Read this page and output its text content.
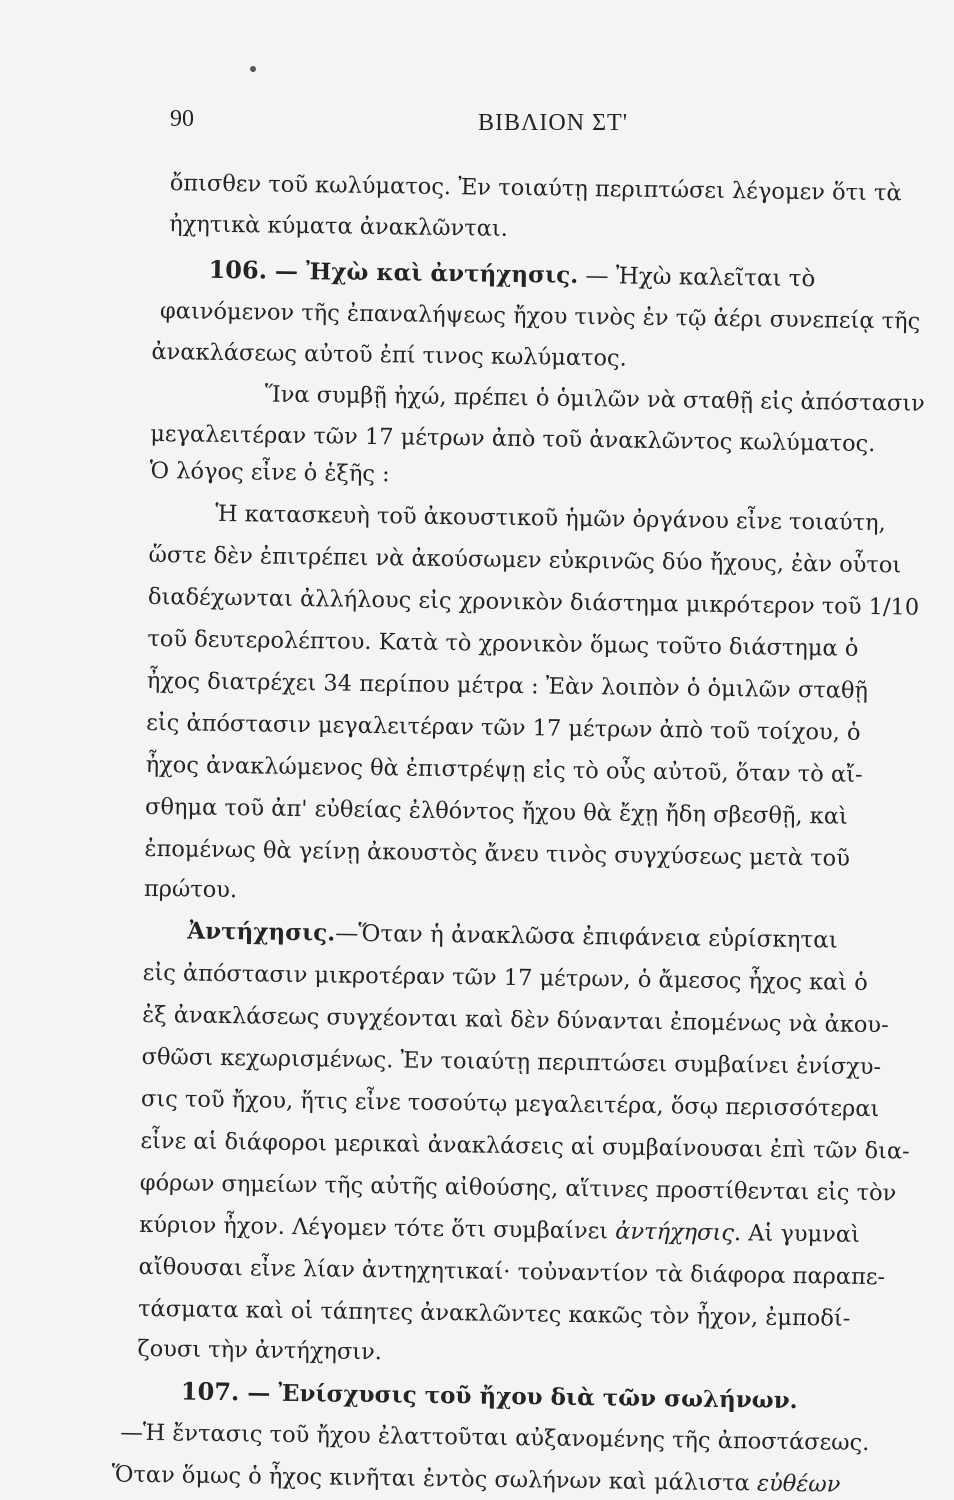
90	ΒΙΒΛΙΟΝ ΣΤ'
ὄπισθεν τοῦ κωλύματος. Ἐν τοιαύτῃ περιπτώσει λέγομεν ὅτι τὰ
ἠχητικὰ κύματα ἀνακλῶνται.
106. — Ἠχὼ καὶ ἀντήχησις. — Ἠχὼ καλεῖται τὸ
φαινόμενον τῆς ἐπαναλήψεως ἤχου τινὸς ἐν τῷ ἀέρι συνεπείᾳ τῆς
ἀνακλάσεως αὐτοῦ ἐπί τινος κωλύματος.
Ἵνα συμβῇ ἠχώ, πρέπει ὁ ὁμιλῶν νὰ σταθῇ εἰς ἀπόστασιν
μεγαλειτέραν τῶν 17 μέτρων ἀπὸ τοῦ ἀνακλῶντος κωλύματος.
Ὁ λόγος εἶνε ὁ ἑξῆς :
Ἡ κατασκευὴ τοῦ ἀκουστικοῦ ἡμῶν ὀργάνου εἶνε τοιαύτη,
ὥστε δὲν ἐπιτρέπει νὰ ἀκούσωμεν εὐκρινῶς δύο ἤχους, ἐὰν οὗτοι
διαδέχωνται ἀλλήλους εἰς χρονικὸν διάστημα μικρότερον τοῦ 1/10
τοῦ δευτερολέπτου. Κατὰ τὸ χρονικὸν ὅμως τοῦτο διάστημα ὁ
ἦχος διατρέχει 34 περίπου μέτρα : Ἐὰν λοιπὸν ὁ ὁμιλῶν σταθῇ
εἰς ἀπόστασιν μεγαλειτέραν τῶν 17 μέτρων ἀπὸ τοῦ τοίχου, ὁ
ἦχος ἀνακλώμενος θὰ ἐπιστρέψῃ εἰς τὸ οὖς αὐτοῦ, ὅταν τὸ αἴ-
σθημα τοῦ ἀπ' εὐθείας ἐλθόντος ἤχου θὰ ἔχῃ ἤδη σβεσθῇ, καὶ
ἐπομένως θὰ γείνῃ ἀκουστὸς ἄνευ τινὸς συγχύσεως μετὰ τοῦ
πρώτου.
Ἀντήχησις.—Ὅταν ἡ ἀνακλῶσα ἐπιφάνεια εὑρίσκηται
εἰς ἀπόστασιν μικροτέραν τῶν 17 μέτρων, ὁ ἄμεσος ἦχος καὶ ὁ
ἐξ ἀνακλάσεως συγχέονται καὶ δὲν δύνανται ἐπομένως νὰ ἀκου-
σθῶσι κεχωρισμένως. Ἐν τοιαύτῃ περιπτώσει συμβαίνει ἐνίσχυ-
σις τοῦ ἤχου, ἥτις εἶνε τοσούτῳ μεγαλειτέρα, ὅσῳ περισσότεραι
εἶνε αἱ διάφοροι μερικαὶ ἀνακλάσεις αἱ συμβαίνουσαι ἐπὶ τῶν δια-
φόρων σημείων τῆς αὐτῆς αἰθούσης, αἵτινες προστίθενται εἰς τὸν
κύριον ἦχον. Λέγομεν τότε ὅτι συμβαίνει ἀντήχησις. Αἱ γυμναὶ
αἴθουσαι εἶνε λίαν ἀντηχητικαί· τοὐναντίον τὰ διάφορα παραπε-
τάσματα καὶ οἱ τάπητες ἀνακλῶντες κακῶς τὸν ἦχον, ἐμποδί-
ζουσι τὴν ἀντήχησιν.
107. — Ἐνίσχυσις τοῦ ἤχου διὰ τῶν σωλήνων.
—Ἡ ἔντασις τοῦ ἤχου ἐλαττοῦται αὐξανομένης τῆς ἀποστάσεως.
Ὅταν ὅμως ὁ ἦχος κινῆται ἐντὸς σωλήνων καὶ μάλιστα εὐθέων
